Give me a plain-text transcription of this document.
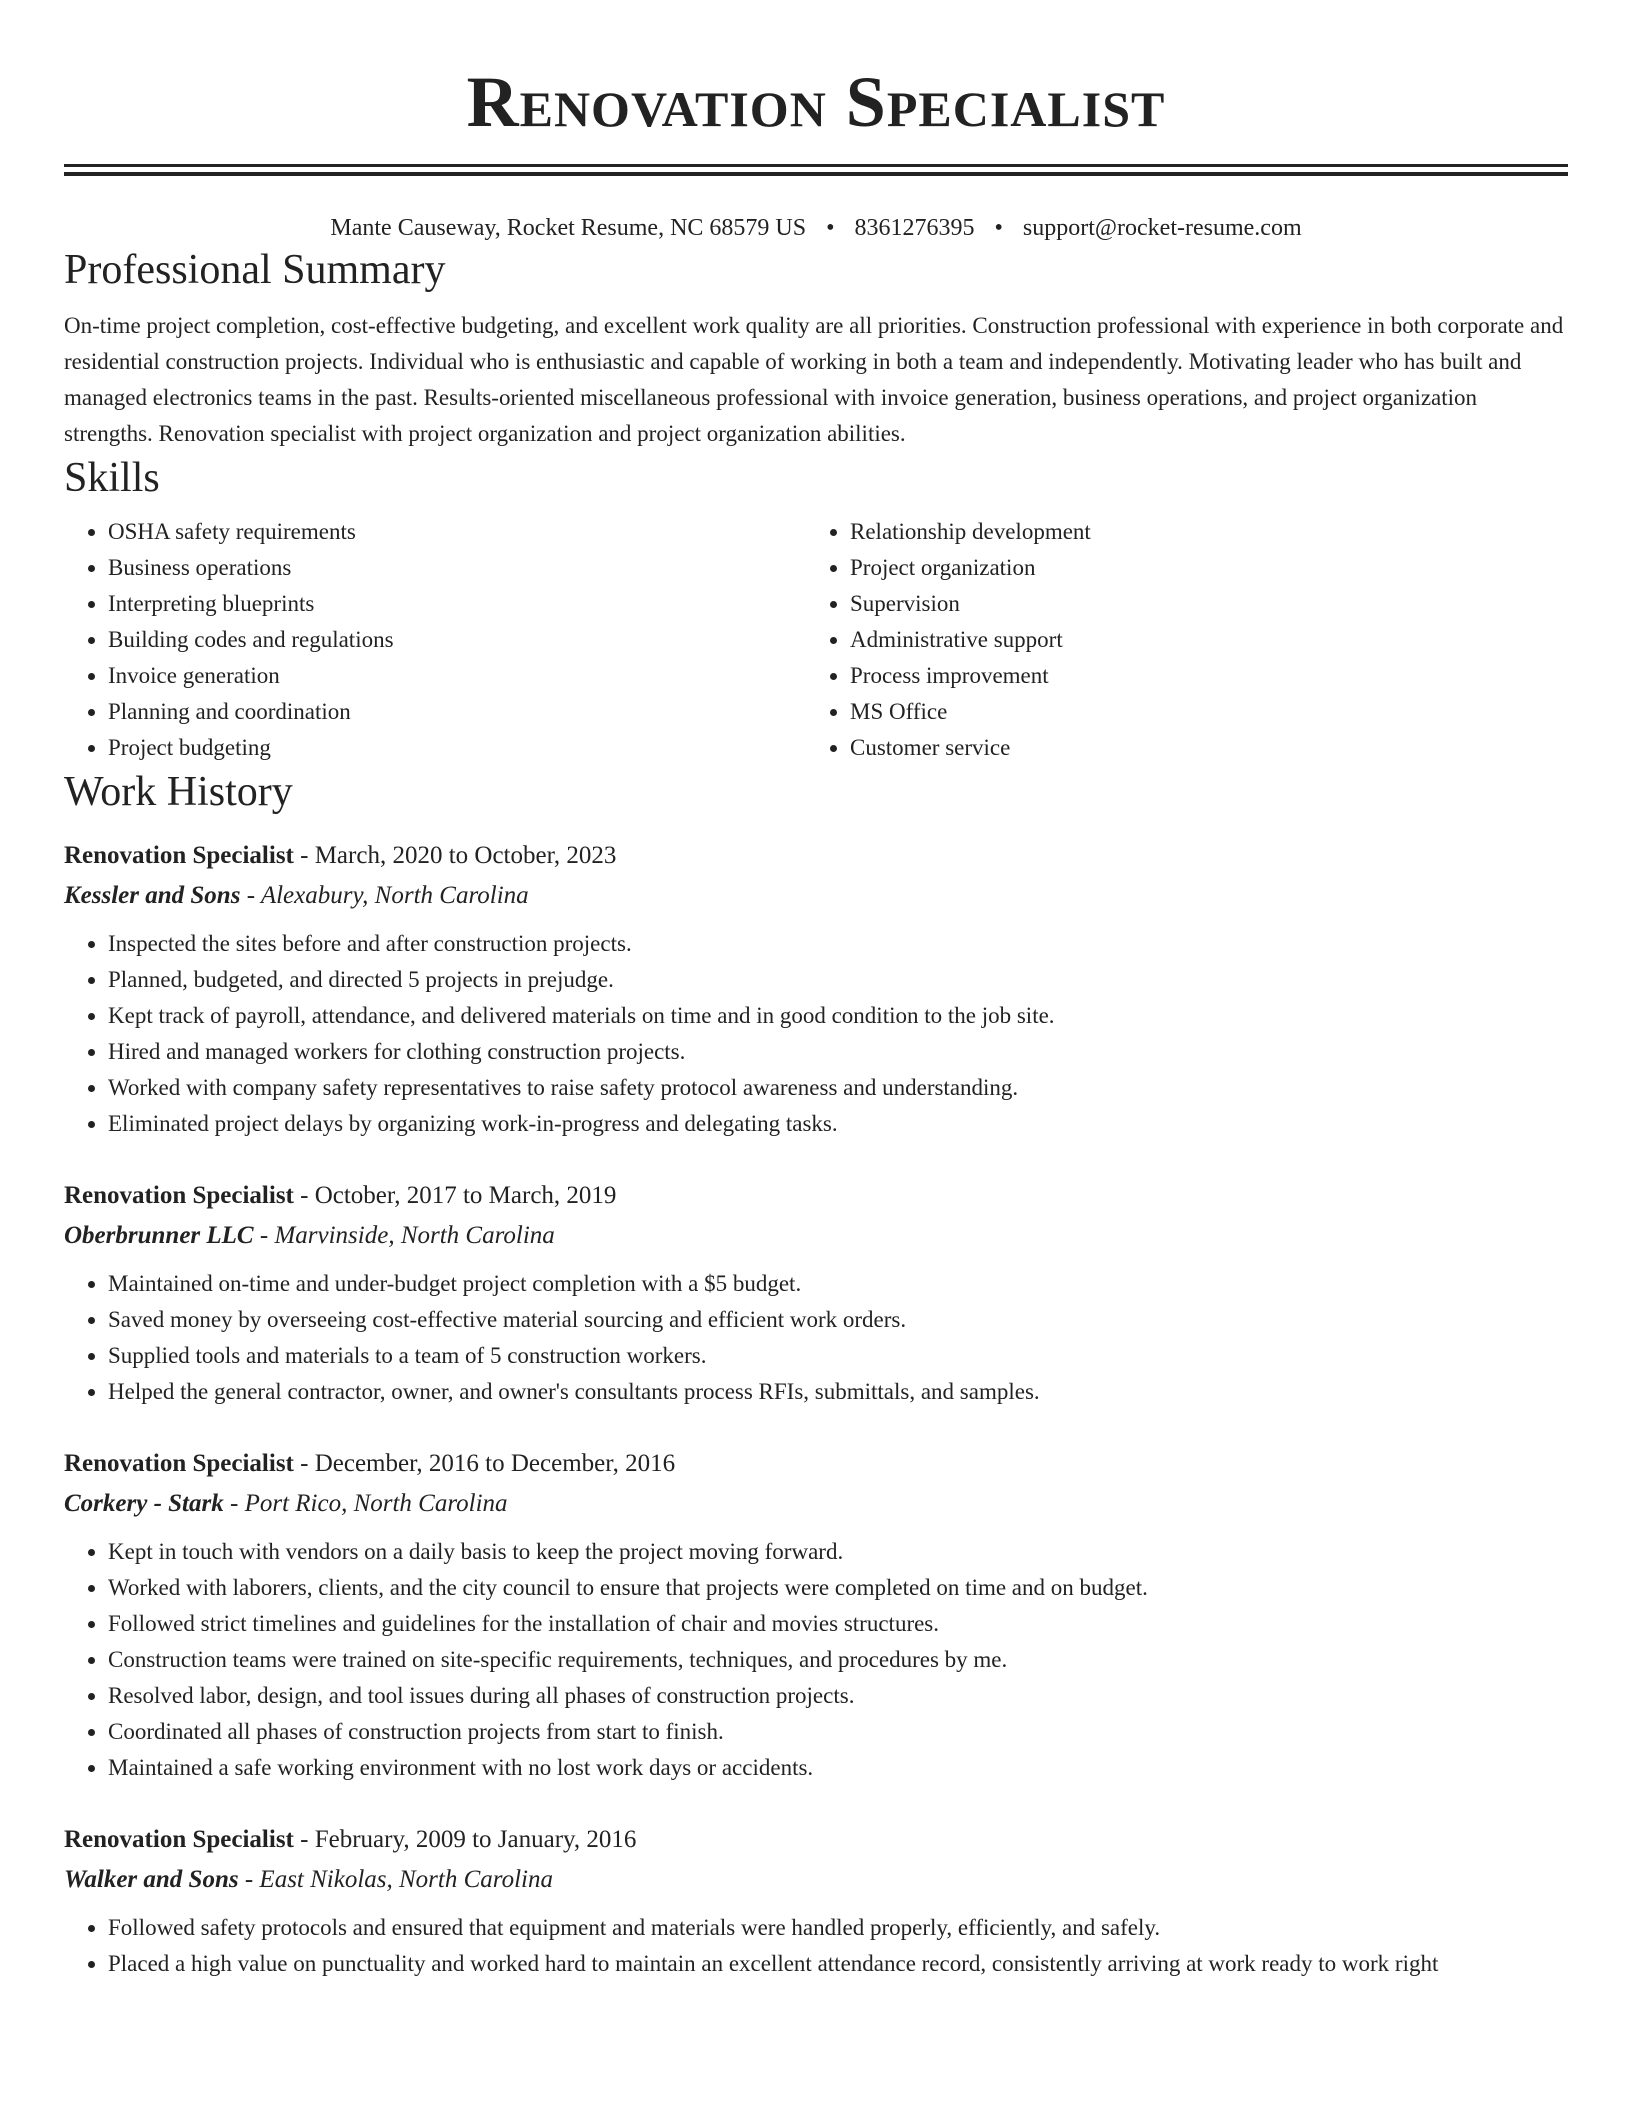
Renovation Specialist
Mante Causeway, Rocket Resume, NC 68579 US • 8361276395 • support@rocket-resume.com
Professional Summary
On-time project completion, cost-effective budgeting, and excellent work quality are all priorities. Construction professional with experience in both corporate and residential construction projects. Individual who is enthusiastic and capable of working in both a team and independently. Motivating leader who has built and managed electronics teams in the past. Results-oriented miscellaneous professional with invoice generation, business operations, and project organization strengths. Renovation specialist with project organization and project organization abilities.
Skills
• OSHA safety requirements
• Business operations
• Interpreting blueprints
• Building codes and regulations
• Invoice generation
• Planning and coordination
• Project budgeting
• Relationship development
• Project organization
• Supervision
• Administrative support
• Process improvement
• MS Office
• Customer service
Work History
Renovation Specialist - March, 2020 to October, 2023
Kessler and Sons - Alexabury, North Carolina
• Inspected the sites before and after construction projects.
• Planned, budgeted, and directed 5 projects in prejudge.
• Kept track of payroll, attendance, and delivered materials on time and in good condition to the job site.
• Hired and managed workers for clothing construction projects.
• Worked with company safety representatives to raise safety protocol awareness and understanding.
• Eliminated project delays by organizing work-in-progress and delegating tasks.
Renovation Specialist - October, 2017 to March, 2019
Oberbrunner LLC - Marvinside, North Carolina
• Maintained on-time and under-budget project completion with a $5 budget.
• Saved money by overseeing cost-effective material sourcing and efficient work orders.
• Supplied tools and materials to a team of 5 construction workers.
• Helped the general contractor, owner, and owner's consultants process RFIs, submittals, and samples.
Renovation Specialist - December, 2016 to December, 2016
Corkery - Stark - Port Rico, North Carolina
• Kept in touch with vendors on a daily basis to keep the project moving forward.
• Worked with laborers, clients, and the city council to ensure that projects were completed on time and on budget.
• Followed strict timelines and guidelines for the installation of chair and movies structures.
• Construction teams were trained on site-specific requirements, techniques, and procedures by me.
• Resolved labor, design, and tool issues during all phases of construction projects.
• Coordinated all phases of construction projects from start to finish.
• Maintained a safe working environment with no lost work days or accidents.
Renovation Specialist - February, 2009 to January, 2016
Walker and Sons - East Nikolas, North Carolina
• Followed safety protocols and ensured that equipment and materials were handled properly, efficiently, and safely.
• Placed a high value on punctuality and worked hard to maintain an excellent attendance record, consistently arriving at work ready to work right
